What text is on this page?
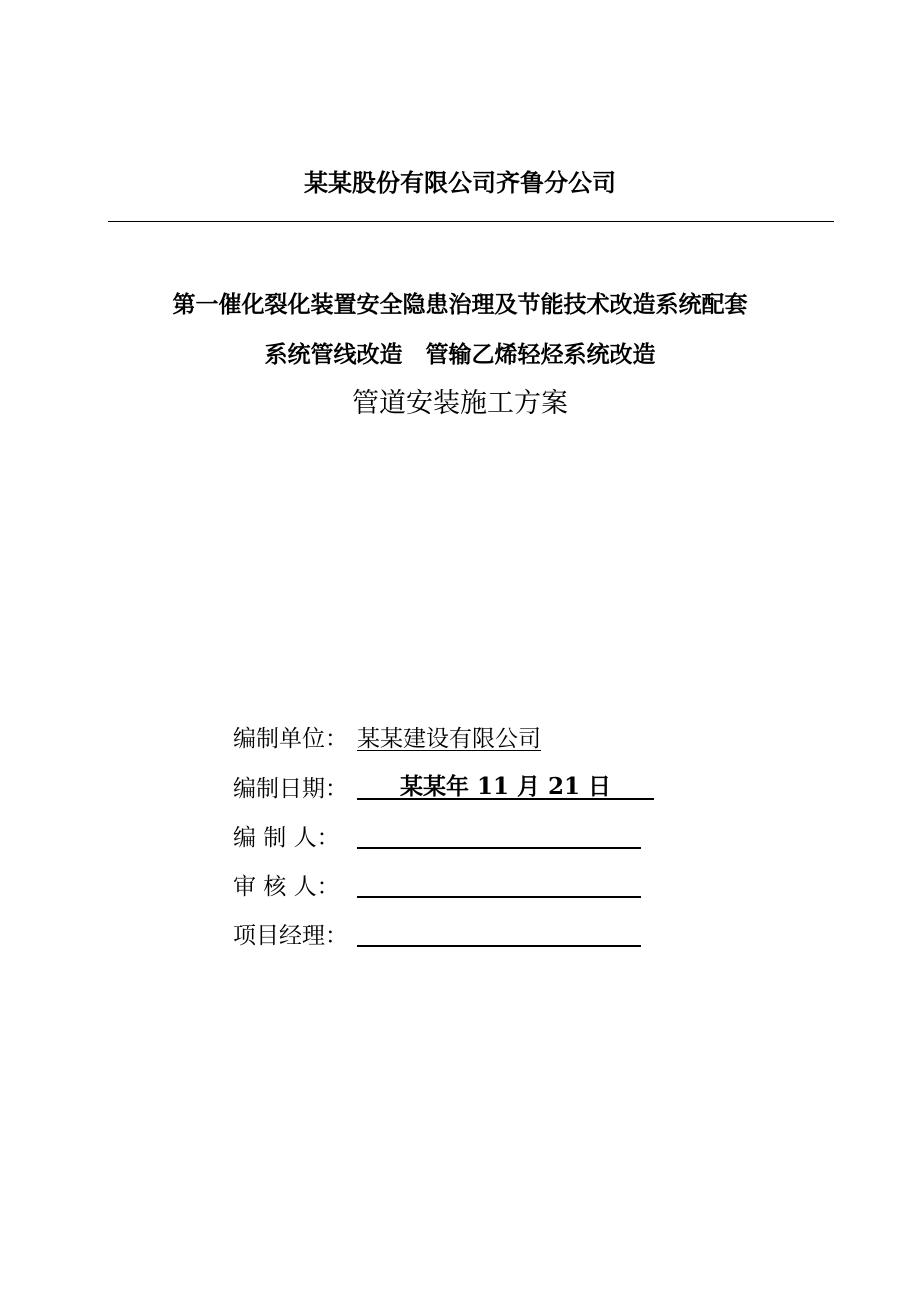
某某股份有限公司齐鲁分公司
第一催化裂化装置安全隐患治理及节能技术改造系统配套
系统管线改造　管输乙烯轻烃系统改造
管道安装施工方案
编制单位： 某某建设有限公司
编制日期：	某某年 11 月 21 日
编 制 人：
审 核 人：
项目经理：
